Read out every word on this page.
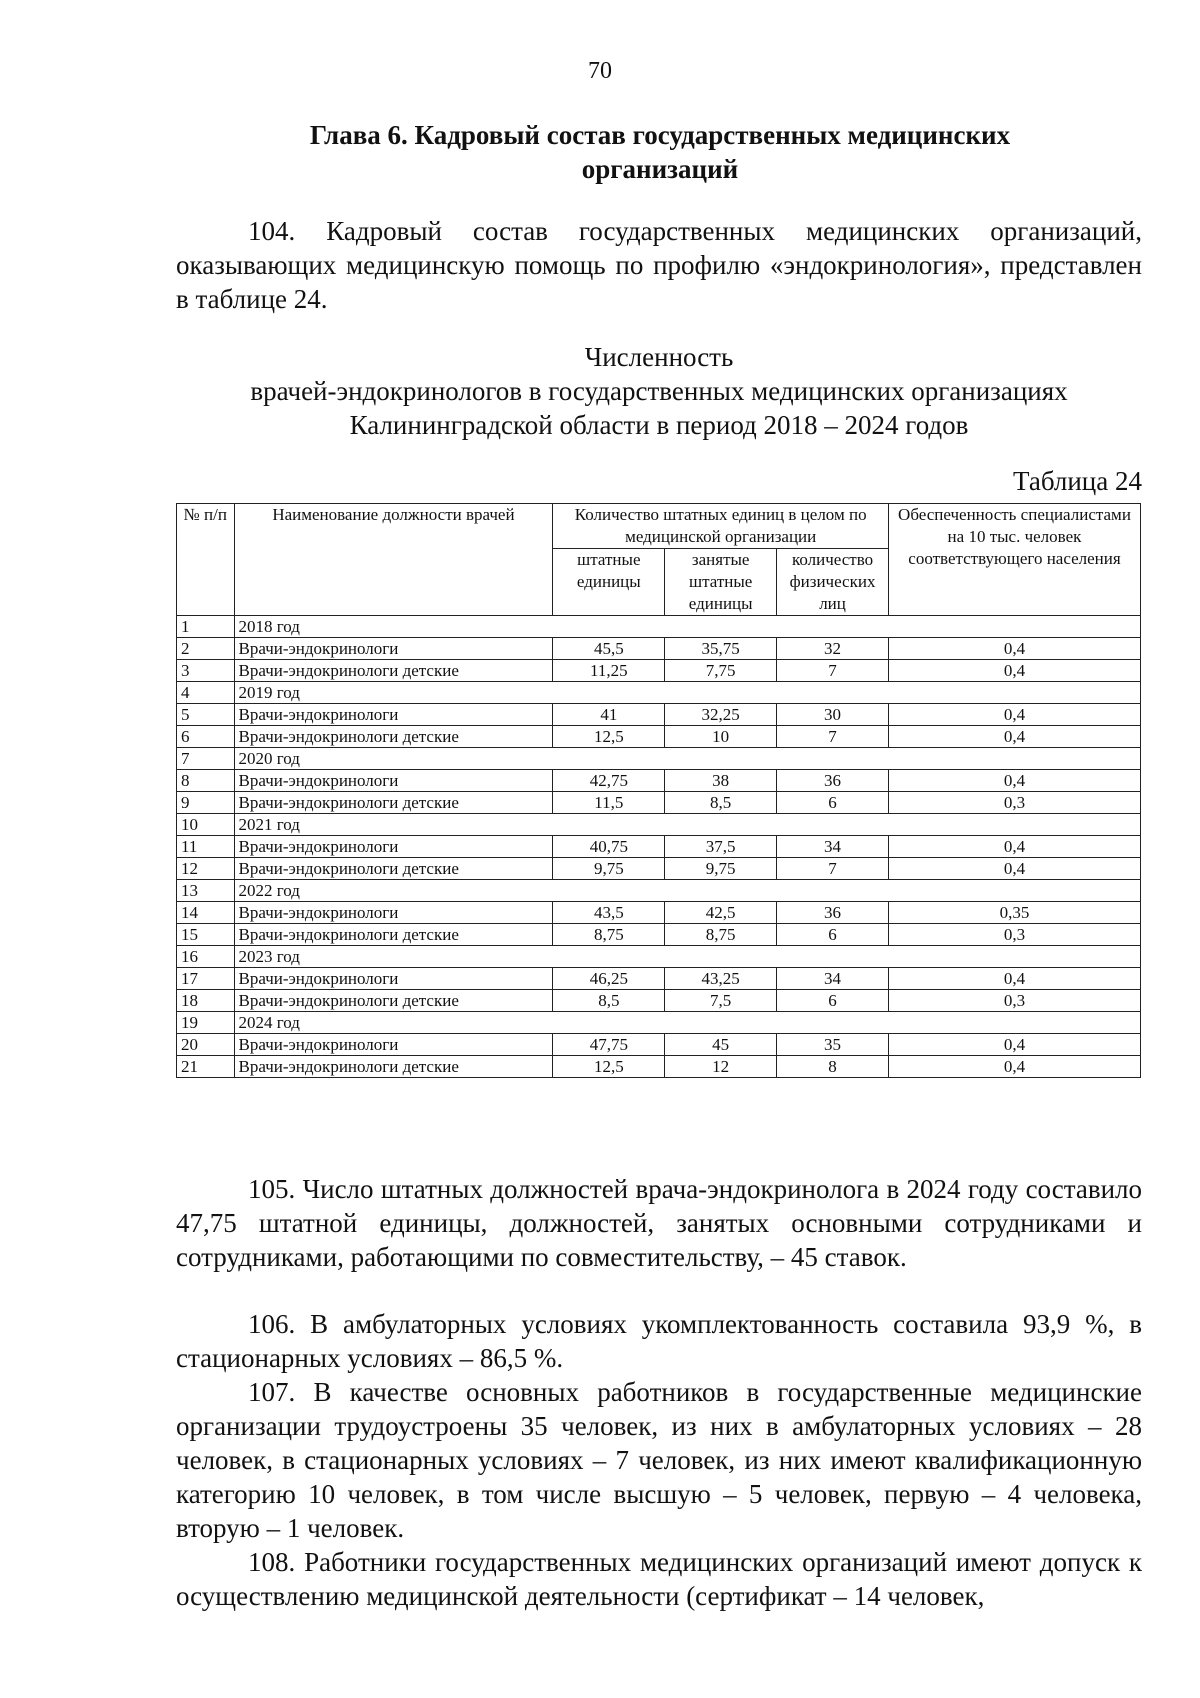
70
Глава 6. Кадровый состав государственных медицинских организаций
104. Кадровый состав государственных медицинских организаций, оказывающих медицинскую помощь по профилю «эндокринология», представлен в таблице 24.
Численность
врачей-эндокринологов в государственных медицинских организациях
Калининградской области в период 2018 – 2024 годов
Таблица 24
№ п/п	Наименование должности врачей	Количество штатных единиц в целом по медицинской организации			Обеспеченность специалистами на 10 тыс. человек соответствующего населения
		штатные единицы	занятые штатные единицы	количество физических лиц	
1	2018 год				
2	Врачи-эндокринологи	45,5	35,75	32	0,4
3	Врачи-эндокринологи детские	11,25	7,75	7	0,4
4	2019 год				
5	Врачи-эндокринологи	41	32,25	30	0,4
6	Врачи-эндокринологи детские	12,5	10	7	0,4
7	2020 год				
8	Врачи-эндокринологи	42,75	38	36	0,4
9	Врачи-эндокринологи детские	11,5	8,5	6	0,3
10	2021 год				
11	Врачи-эндокринологи	40,75	37,5	34	0,4
12	Врачи-эндокринологи детские	9,75	9,75	7	0,4
13	2022 год				
14	Врачи-эндокринологи	43,5	42,5	36	0,35
15	Врачи-эндокринологи детские	8,75	8,75	6	0,3
16	2023 год				
17	Врачи-эндокринологи	46,25	43,25	34	0,4
18	Врачи-эндокринологи детские	8,5	7,5	6	0,3
19	2024 год				
20	Врачи-эндокринологи	47,75	45	35	0,4
21	Врачи-эндокринологи детские	12,5	12	8	0,4
105. Число штатных должностей врача-эндокринолога в 2024 году составило 47,75 штатной единицы, должностей, занятых основными сотрудниками и сотрудниками, работающими по совместительству, – 45 ставок.
106. В амбулаторных условиях укомплектованность составила 93,9 %, в стационарных условиях – 86,5 %.
107. В качестве основных работников в государственные медицинские организации трудоустроены 35 человек, из них в амбулаторных условиях – 28 человек, в стационарных условиях – 7 человек, из них имеют квалификационную категорию 10 человек, в том числе высшую – 5 человек, первую – 4 человека, вторую – 1 человек.
108. Работники государственных медицинских организаций имеют допуск к осуществлению медицинской деятельности (сертификат – 14 человек,
